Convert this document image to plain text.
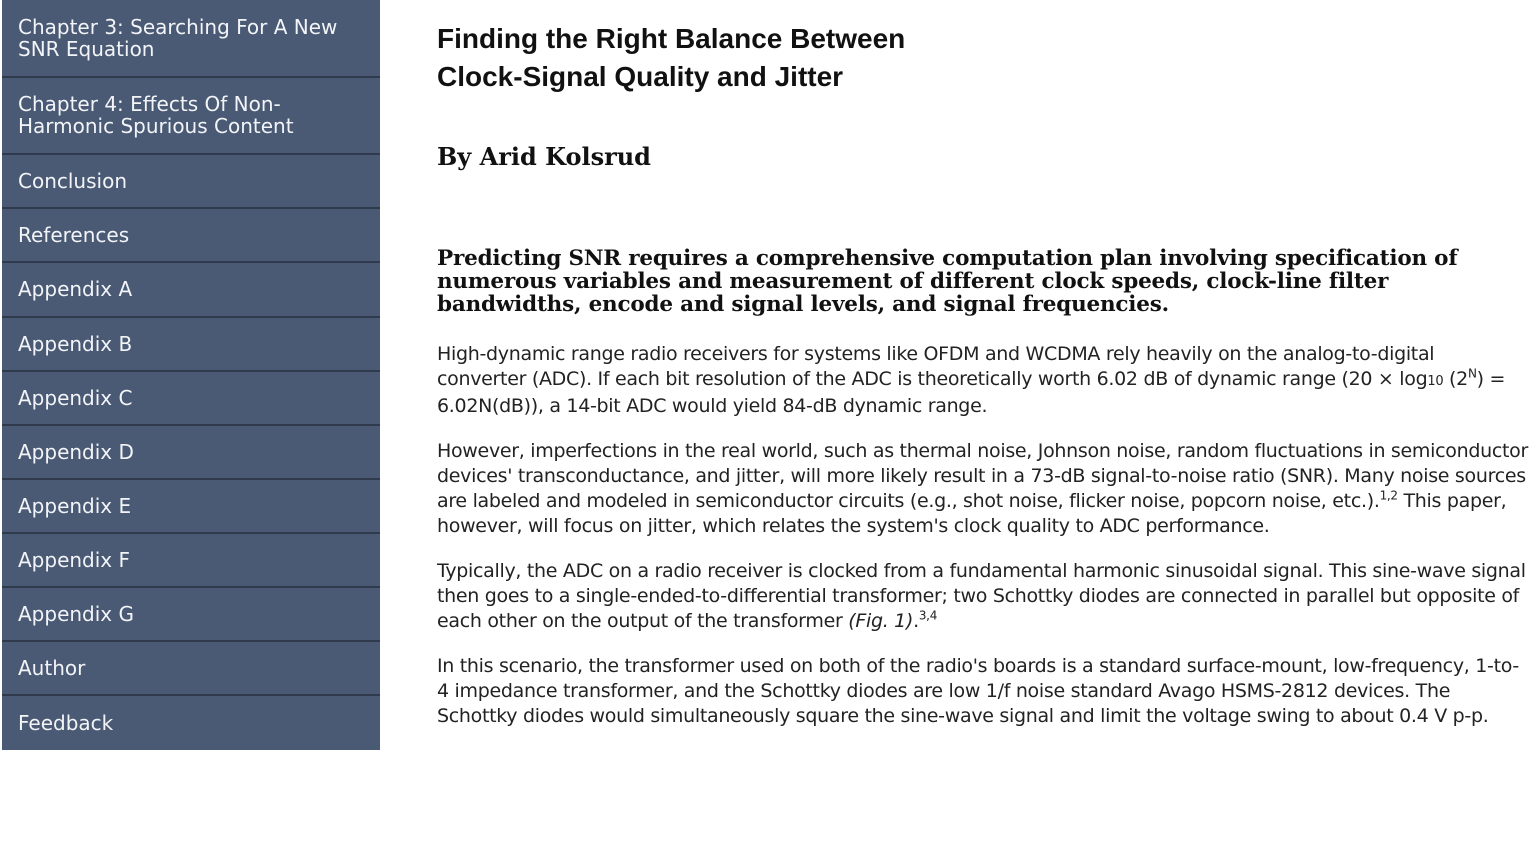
Chapter 3: Searching For A New SNR Equation
Chapter 4: Effects Of Non-Harmonic Spurious Content
Conclusion
References
Appendix A
Appendix B
Appendix C
Appendix D
Appendix E
Appendix F
Appendix G
Author
Feedback
Finding the Right Balance Between
Clock-Signal Quality and Jitter

By Arid Kolsrud

Predicting SNR requires a comprehensive computation plan involving specification of numerous variables and measurement of different clock speeds, clock-line filter bandwidths, encode and signal levels, and signal frequencies.

High-dynamic range radio receivers for systems like OFDM and WCDMA rely heavily on the analog-to-digital converter (ADC). If each bit resolution of the ADC is theoretically worth 6.02 dB of dynamic range (20 × log10 $(2^N) = 6.02N(dB)$), a 14-bit ADC would yield 84-dB dynamic range.

However, imperfections in the real world, such as thermal noise, Johnson noise, random fluctuations in semiconductor devices' transconductance, and jitter, will more likely result in a 73-dB signal-to-noise ratio (SNR). Many noise sources are labeled and modeled in semiconductor circuits (e.g., shot noise, flicker noise, popcorn noise, etc.).$^{1,2}$ This paper, however, will focus on jitter, which relates the system's clock quality to ADC performance.

Typically, the ADC on a radio receiver is clocked from a fundamental harmonic sinusoidal signal. This sine-wave signal then goes to a single-ended-to-differential transformer; two Schottky diodes are connected in parallel but opposite of each other on the output of the transformer (Fig. 1).$^{3,4}$

In this scenario, the transformer used on both of the radio's boards is a standard surface-mount, low-frequency, 1-to-4 impedance transformer, and the Schottky diodes are low 1/f noise standard Avago HSMS-2812 devices. The Schottky diodes would simultaneously square the sine-wave signal and limit the voltage swing to about 0.4 V p-p.
